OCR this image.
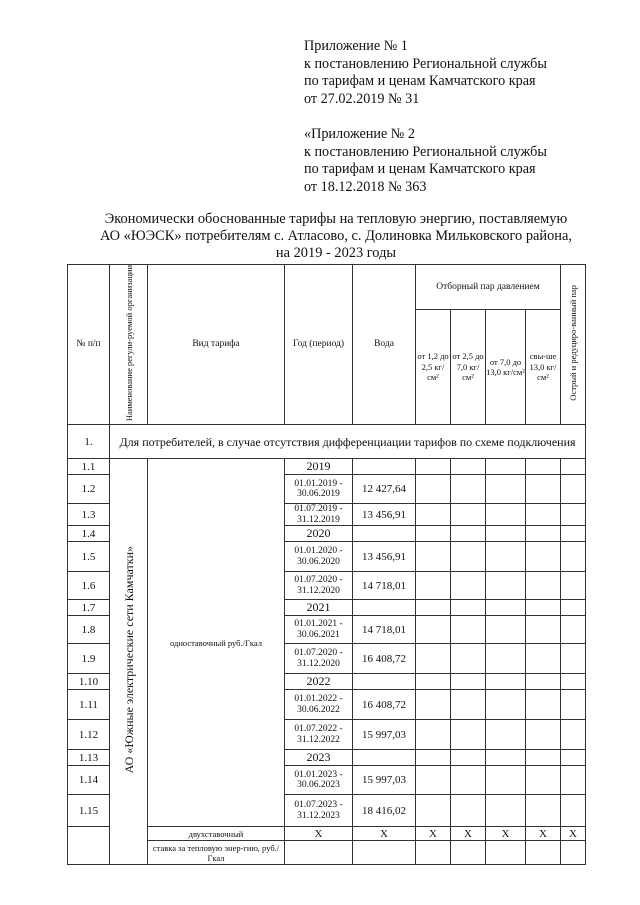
Приложение № 1
к постановлению Региональной службы
по тарифам и ценам Камчатского края
от 27.02.2019 № 31
«Приложение № 2
к постановлению Региональной службы
по тарифам и ценам Камчатского края
от 18.12.2018 № 363
Экономически обоснованные тарифы на тепловую энергию, поставляемую
АО «ЮЭСК» потребителям с. Атласово, с. Долиновка Мильковского района,
на 2019 - 2023 годы
№ п/п	Наименование регули-руемой организации	Вид тарифа	Год (период)	Вода	Отборный пар давлением				Острый и редуциро-ванный пар
					от 1,2 до 2,5 кг/см²	от 2,5 до 7,0 кг/см²	от 7,0 до 13,0 кг/см²	свы-ше 13,0 кг/см²	
1.	Для потребителей, в случае отсутствия дифференциации тарифов по схеме подключения								
1.1	АО «Южные электрические сети Камчатки»	одноставочный руб./Гкал	2019						
1.2			01.01.2019 - 30.06.2019	12 427,64					
1.3			01.07.2019 - 31.12.2019	13 456,91					
1.4			2020						
1.5			01.01.2020 - 30.06.2020	13 456,91					
1.6			01.07.2020 - 31.12.2020	14 718,01					
1.7			2021						
1.8			01.01.2021 - 30.06.2021	14 718,01					
1.9			01.07.2020 - 31.12.2020	16 408,72					
1.10			2022						
1.11			01.01.2022 - 30.06.2022	16 408,72					
1.12			01.07.2022 - 31.12.2022	15 997,03					
1.13			2023						
1.14			01.01.2023 - 30.06.2023	15 997,03					
1.15			01.07.2023 - 31.12.2023	18 416,02					
		двухставочный	X	X	X	X	X	X	X
		ставка за тепловую энер-гию, руб./Гкал							
